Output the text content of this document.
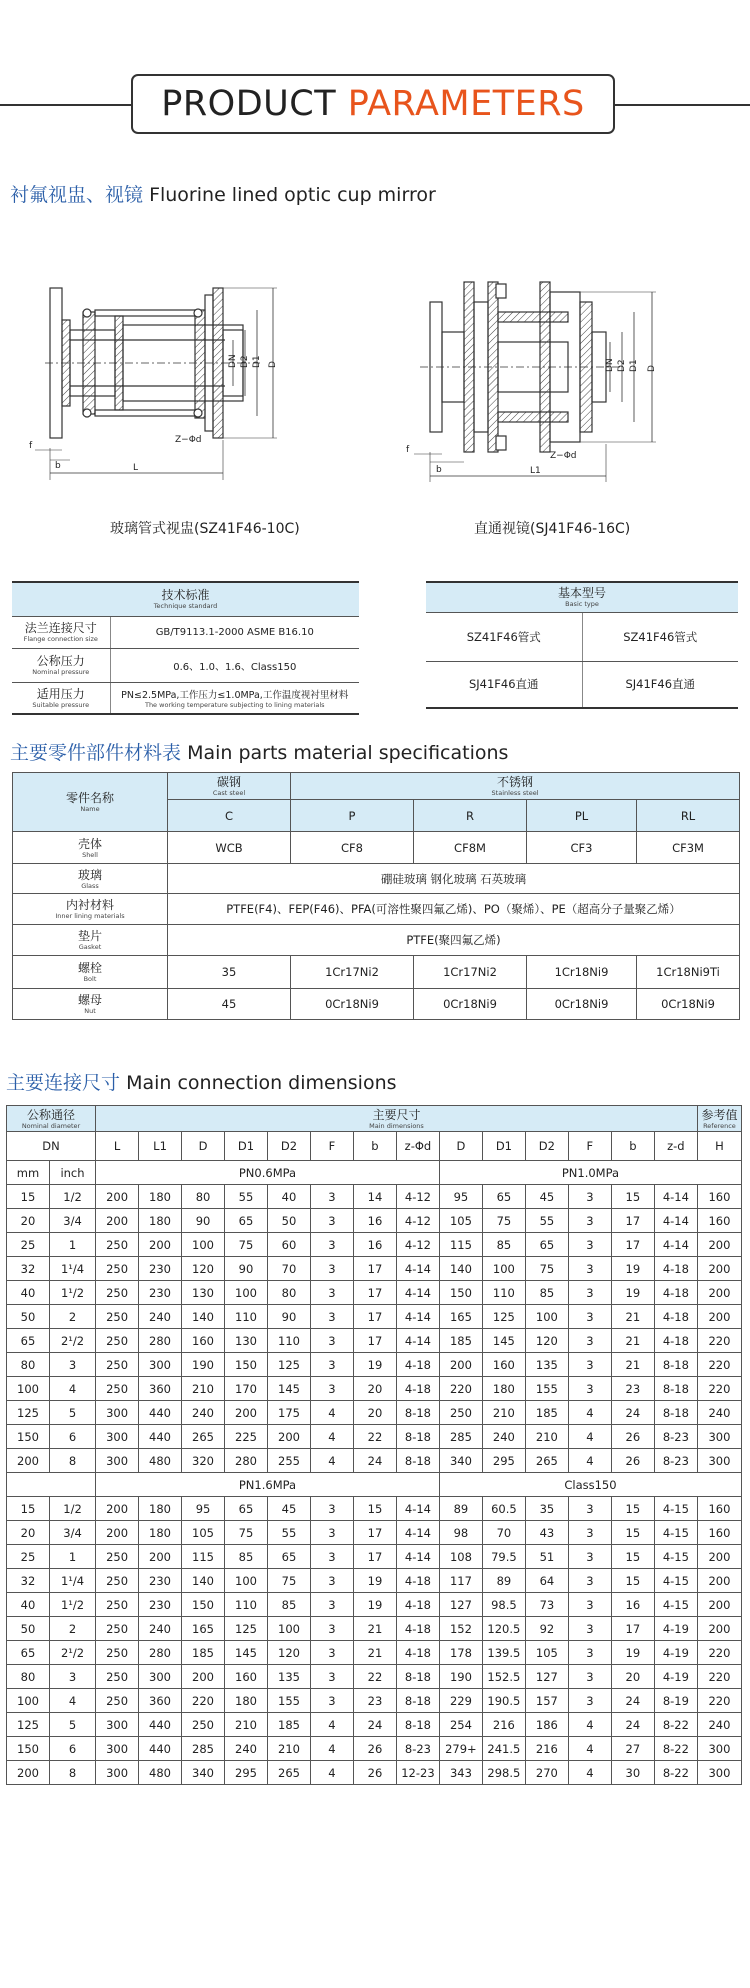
PRODUCT PARAMETERS
衬氟视盅、视镜 Fluorine lined optic cup mirror
DN D2 D1 D
Z−Φd
f
b	L
玻璃管式视盅(SZ41F46-10C)
DN D2 D1 D
Z−Φd
f
b	L1
直通视镜(SJ41F46-16C)
技术标准
Technique standard	

法兰连接尺寸
Flange connection size	GB/T9113.1-2000 ASME B16.10
公称压力
Nominal pressure	0.6、1.0、1.6、Class150
适用压力
Suitable pressure	PN≤2.5MPa,工作压力≤1.0MPa,工作温度视衬里材料
The working temperature subjecting to lining materials
基本型号
Basic type	

SZ41F46管式	SZ41F46管式
SJ41F46直通	SJ41F46直通
主要零件部件材料表 Main parts material specifications
零件名称
Name	碳钢
Cast steel	不锈钢
Stainless steel			

	C	P	R	PL	RL
壳体
Shell	WCB	CF8	CF8M	CF3	CF3M
玻璃
Glass	硼硅玻璃 钢化玻璃 石英玻璃				
内衬材料
Inner lining materials	PTFE(F4)、FEP(F46)、PFA(可溶性聚四氟乙烯)、PO（聚烯）、PE（超高分子量聚乙烯）				
垫片
Gasket	PTFE(聚四氟乙烯)				
螺栓
Bolt	35	1Cr17Ni2	1Cr17Ni2	1Cr18Ni9	1Cr18Ni9Ti
螺母
Nut	45	0Cr18Ni9	0Cr18Ni9	0Cr18Ni9	0Cr18Ni9
主要连接尺寸 Main connection dimensions
公称通径
Nominal diameter		主要尺寸
Main dimensions														参考值
Reference

DN		L	L1	D	D1	D2	F	b	z-Φd	D	D1	D2	F	b	z-d	H
mm	inch	PN0.6MPa								PN1.0MPa						
15	1/2	200	180	80	55	40	3	14	4-12	95	65	45	3	15	4-14	160
20	3/4	200	180	90	65	50	3	16	4-12	105	75	55	3	17	4-14	160
25	1	250	200	100	75	60	3	16	4-12	115	85	65	3	17	4-14	200
32	1¹/4	250	230	120	90	70	3	17	4-14	140	100	75	3	19	4-18	200
40	1¹/2	250	230	130	100	80	3	17	4-14	150	110	85	3	19	4-18	200
50	2	250	240	140	110	90	3	17	4-14	165	125	100	3	21	4-18	200
65	2¹/2	250	280	160	130	110	3	17	4-14	185	145	120	3	21	4-18	220
80	3	250	300	190	150	125	3	19	4-18	200	160	135	3	21	8-18	220
100	4	250	360	210	170	145	3	20	4-18	220	180	155	3	23	8-18	220
125	5	300	440	240	200	175	4	20	8-18	250	210	185	4	24	8-18	240
150	6	300	440	265	225	200	4	22	8-18	285	240	210	4	26	8-23	300
200	8	300	480	320	280	255	4	24	8-18	340	295	265	4	26	8-23	300
		PN1.6MPa								Class150						
15	1/2	200	180	95	65	45	3	15	4-14	89	60.5	35	3	15	4-15	160
20	3/4	200	180	105	75	55	3	17	4-14	98	70	43	3	15	4-15	160
25	1	250	200	115	85	65	3	17	4-14	108	79.5	51	3	15	4-15	200
32	1¹/4	250	230	140	100	75	3	19	4-18	117	89	64	3	15	4-15	200
40	1¹/2	250	230	150	110	85	3	19	4-18	127	98.5	73	3	16	4-15	200
50	2	250	240	165	125	100	3	21	4-18	152	120.5	92	3	17	4-19	200
65	2¹/2	250	280	185	145	120	3	21	4-18	178	139.5	105	3	19	4-19	220
80	3	250	300	200	160	135	3	22	8-18	190	152.5	127	3	20	4-19	220
100	4	250	360	220	180	155	3	23	8-18	229	190.5	157	3	24	8-19	220
125	5	300	440	250	210	185	4	24	8-18	254	216	186	4	24	8-22	240
150	6	300	440	285	240	210	4	26	8-23	279+	241.5	216	4	27	8-22	300
200	8	300	480	340	295	265	4	26	12-23	343	298.5	270	4	30	8-22	300
